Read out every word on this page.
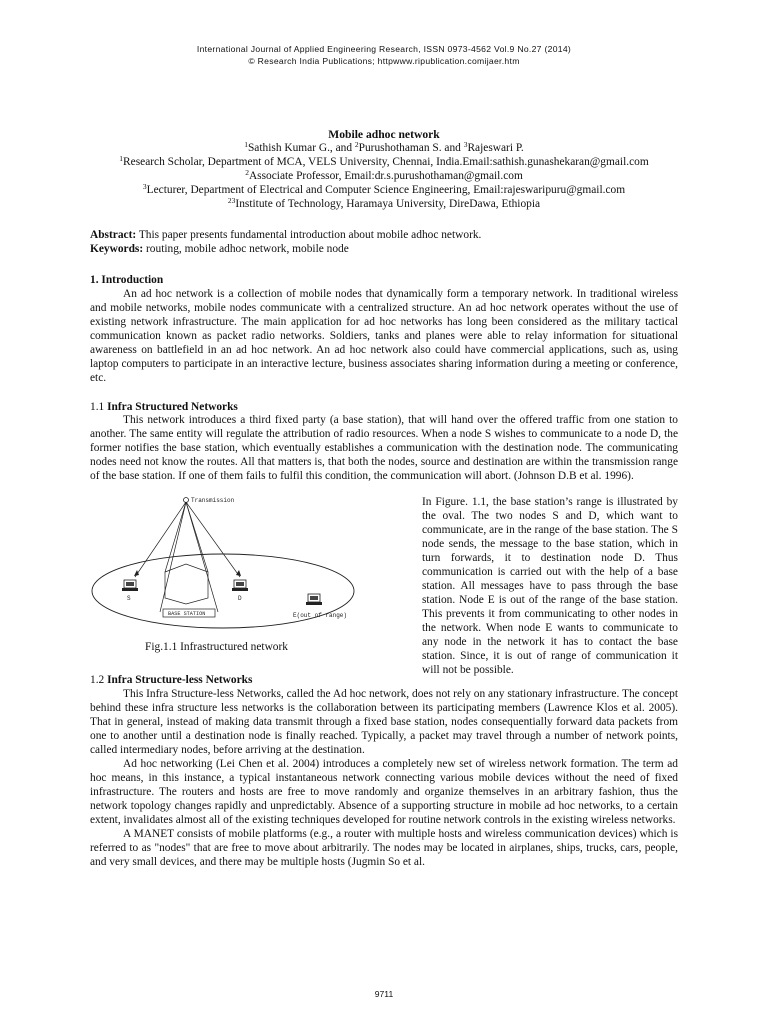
International Journal of Applied Engineering Research, ISSN 0973-4562 Vol.9 No.27 (2014)
© Research India Publications; httpwww.ripublication.comijaer.htm
Mobile adhoc network
$^1$Sathish Kumar G., and $^2$Purushothaman S. and $^3$Rajeswari P.
$^1$Research Scholar, Department of MCA, VELS University, Chennai, India.Email:sathish.gunashekaran@gmail.com
$^2$Associate Professor, Email:dr.s.purushothaman@gmail.com
$^3$Lecturer, Department of Electrical and Computer Science Engineering, Email:rajeswaripuru@gmail.com
$^{23}$Institute of Technology, Haramaya University, DireDawa, Ethiopia
Abstract: This paper presents fundamental introduction about mobile adhoc network.
Keywords: routing, mobile adhoc network, mobile node
1. Introduction

An ad hoc network is a collection of mobile nodes that dynamically form a temporary network. In traditional wireless and mobile networks, mobile nodes communicate with a centralized structure. An ad hoc network operates without the use of existing network infrastructure. The main application for ad hoc networks has long been considered as the military tactical communication known as packet radio networks. Soldiers, tanks and planes were able to relay information for situational awareness on battlefield in an ad hoc network. An ad hoc network also could have commercial applications, such as, using laptop computers to participate in an interactive lecture, business associates sharing information during a meeting or conference, etc.

1.1 Infra Structured Networks

This network introduces a third fixed party (a base station), that will hand over the offered traffic from one station to another. The same entity will regulate the attribution of radio resources. When a node S wishes to communicate to a node D, the former notifies the base station, which eventually establishes a communication with the destination node. The communicating nodes need not know the routes. All that matters is, that both the nodes, source and destination are within the transmission range of the base station. If one of them fails to fulfil this condition, the communication will abort. (Johnson D.B et al. 1996).

Transmission
S	D
BASE STATION	E(out of range)

In Figure. 1.1, the base station’s range is illustrated by the oval. The two nodes S and D, which want to communicate, are in the range of the base station. The S node sends, the message to the base station, which in turn forwards, it to destination node D. Thus communication is carried out with the help of a base station. All messages have to pass through the base station. Node E is out of the range of the base station. This prevents it from communicating to other nodes in the network. When node E wants to communicate to any node in the network it has to contact the base station. Since, it is out of range of communication it will not be possible.

Fig.1.1 Infrastructured network
1.2 Infra Structure-less Networks

This Infra Structure-less Networks, called the Ad hoc network, does not rely on any stationary infrastructure. The concept behind these infra structure less networks is the collaboration between its participating members (Lawrence Klos et al. 2005). That in general, instead of making data transmit through a fixed base station, nodes consequentially forward data packets from one to another until a destination node is finally reached. Typically, a packet may travel through a number of network points, called intermediary nodes, before arriving at the destination.

Ad hoc networking (Lei Chen et al. 2004) introduces a completely new set of wireless network formation. The term ad hoc means, in this instance, a typical instantaneous network connecting various mobile devices without the need of fixed infrastructure. The routers and hosts are free to move randomly and organize themselves in an arbitrary fashion, thus the network topology changes rapidly and unpredictably. Absence of a supporting structure in mobile ad hoc networks, to a certain extent, invalidates almost all of the existing techniques developed for routine network controls in the existing wireless networks.

A MANET consists of mobile platforms (e.g., a router with multiple hosts and wireless communication devices) which is referred to as "nodes" that are free to move about arbitrarily. The nodes may be located in airplanes, ships, trucks, cars, people, and very small devices, and there may be multiple hosts (Jugmin So et al.

9711
